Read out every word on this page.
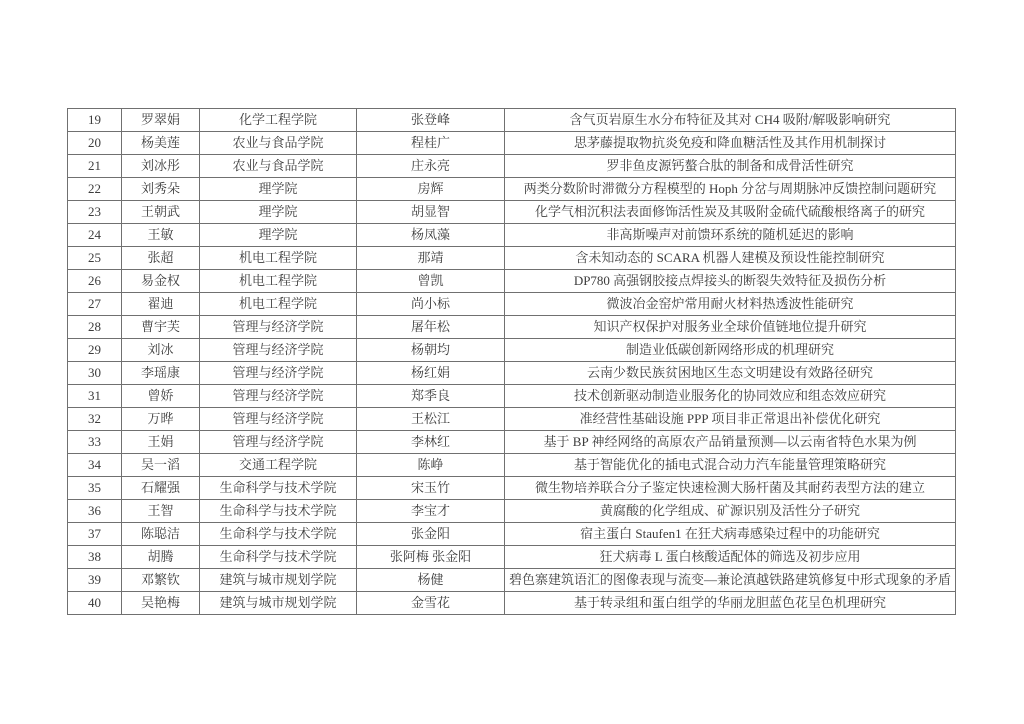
19	罗翠娟	化学工程学院	张登峰	含气页岩原生水分布特征及其对 CH4 吸附/解吸影响研究
20	杨美莲	农业与食品学院	程桂广	思茅藤提取物抗炎免疫和降血糖活性及其作用机制探讨
21	刘冰彤	农业与食品学院	庄永亮	罗非鱼皮源钙螯合肽的制备和成骨活性研究
22	刘秀朵	理学院	房辉	两类分数阶时滞微分方程模型的 Hoph 分岔与周期脉冲反馈控制问题研究
23	王朝武	理学院	胡显智	化学气相沉积法表面修饰活性炭及其吸附金硫代硫酸根络离子的研究
24	王敏	理学院	杨凤藻	非高斯噪声对前馈环系统的随机延迟的影响
25	张超	机电工程学院	那靖	含未知动态的 SCARA 机器人建模及预设性能控制研究
26	易金权	机电工程学院	曾凯	DP780 高强钢胶接点焊接头的断裂失效特征及损伤分析
27	翟迪	机电工程学院	尚小标	微波冶金窑炉常用耐火材料热透波性能研究
28	曹宇芙	管理与经济学院	屠年松	知识产权保护对服务业全球价值链地位提升研究
29	刘冰	管理与经济学院	杨朝均	制造业低碳创新网络形成的机理研究
30	李瑶康	管理与经济学院	杨红娟	云南少数民族贫困地区生态文明建设有效路径研究
31	曾娇	管理与经济学院	郑季良	技术创新驱动制造业服务化的协同效应和组态效应研究
32	万晔	管理与经济学院	王松江	准经营性基础设施 PPP 项目非正常退出补偿优化研究
33	王娟	管理与经济学院	李林红	基于 BP 神经网络的高原农产品销量预测—以云南省特色水果为例
34	吴一滔	交通工程学院	陈峥	基于智能优化的插电式混合动力汽车能量管理策略研究
35	石耀强	生命科学与技术学院	宋玉竹	微生物培养联合分子鉴定快速检测大肠杆菌及其耐药表型方法的建立
36	王智	生命科学与技术学院	李宝才	黄腐酸的化学组成、矿源识别及活性分子研究
37	陈聪洁	生命科学与技术学院	张金阳	宿主蛋白 Staufen1 在狂犬病毒感染过程中的功能研究
38	胡腾	生命科学与技术学院	张阿梅 张金阳	狂犬病毒 L 蛋白核酸适配体的筛选及初步应用
39	邓繁钦	建筑与城市规划学院	杨健	碧色寨建筑语汇的图像表现与流变—兼论滇越铁路建筑修复中形式现象的矛盾
40	吴艳梅	建筑与城市规划学院	金雪花	基于转录组和蛋白组学的华丽龙胆蓝色花呈色机理研究
